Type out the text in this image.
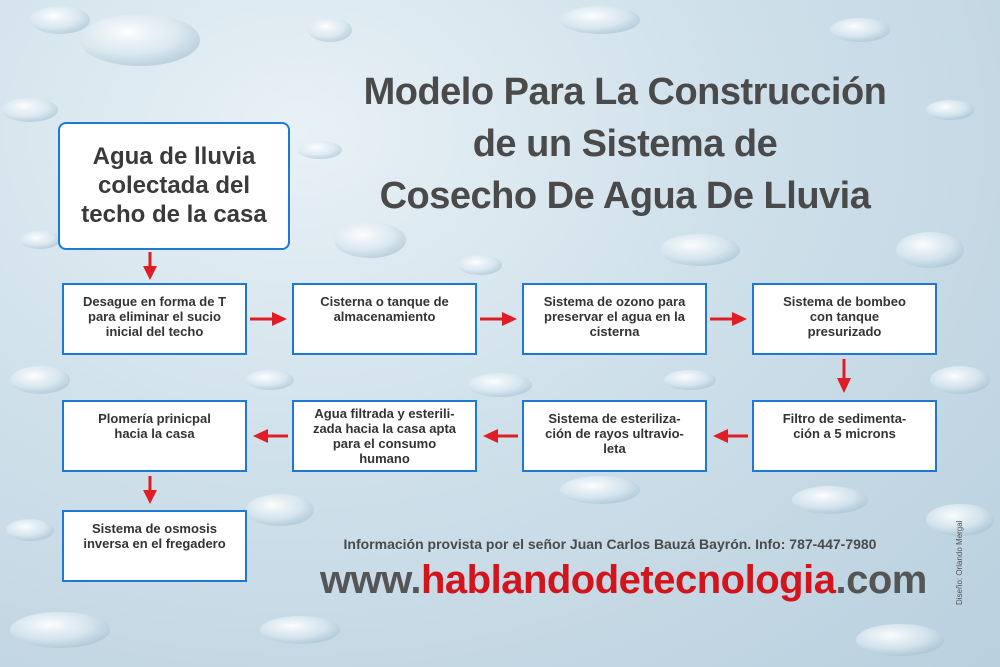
Modelo Para La Construcción
de un Sistema de
Cosecho De Agua De Lluvia
Agua de lluvia
colectada del
techo de la casa
Desague en forma de T
para eliminar el sucio
inicial del techo
Cisterna o tanque de
almacenamiento
Sistema de ozono para
preservar el agua en la
cisterna
Sistema de bombeo
con tanque
presurizado
Plomería prinicpal
hacia la casa
Agua filtrada y esterili-
zada hacia la casa apta
para el consumo
humano
Sistema de esteriliza-
ción de rayos ultravio-
leta
Filtro de sedimenta-
ción a 5 microns
Sistema de osmosis
inversa en el fregadero	Información provista por el señor Juan Carlos Bauzá Bayrón. Info: 787-447-7980
www.hablandodetecnologia.com	Diseño: Orlando Mergal
